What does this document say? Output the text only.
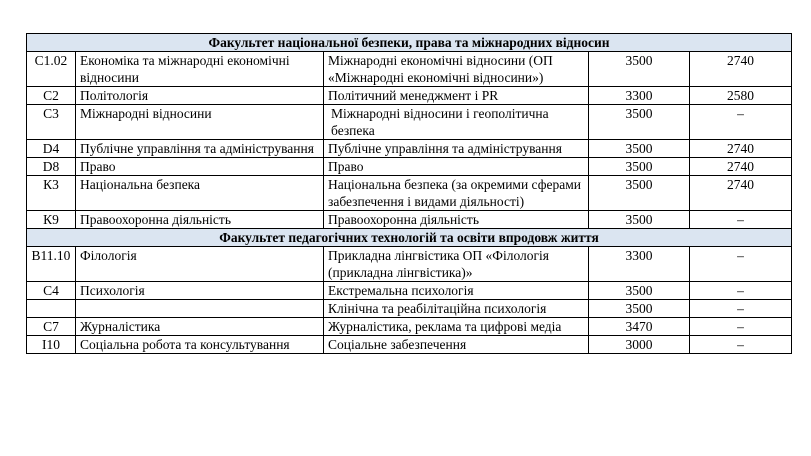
Факультет національної безпеки, права та міжнародних відносин				
C1.02	Економіка та міжнародні економічні відносини	Міжнародні економічні відносини (ОП «Міжнародні економічні відносини»)	3500	2740
C2	Політологія	Політичний менеджмент і PR	3300	2580
C3	Міжнародні відносини	Міжнародні відносини і геополітична безпека	3500	–
D4	Публічне управління та адміністрування	Публічне управління та адміністрування	3500	2740
D8	Право	Право	3500	2740
К3	Національна безпека	Національна безпека (за окремими сферами забезпечення і видами діяльності)	3500	2740
К9	Правоохоронна діяльність	Правоохоронна діяльність	3500	–
Факультет педагогічних технологій та освіти впродовж життя				
В11.10	Філологія	Прикладна лінгвістика ОП «Філологія (прикладна лінгвістика)»	3300	–
С4	Психологія	Екстремальна психологія	3500	–
		Клінічна та реабілітаційна психологія	3500	–
С7	Журналістика	Журналістика, реклама та цифрові медіа	3470	–
І10	Соціальна робота та консультування	Соціальне забезпечення	3000	–
